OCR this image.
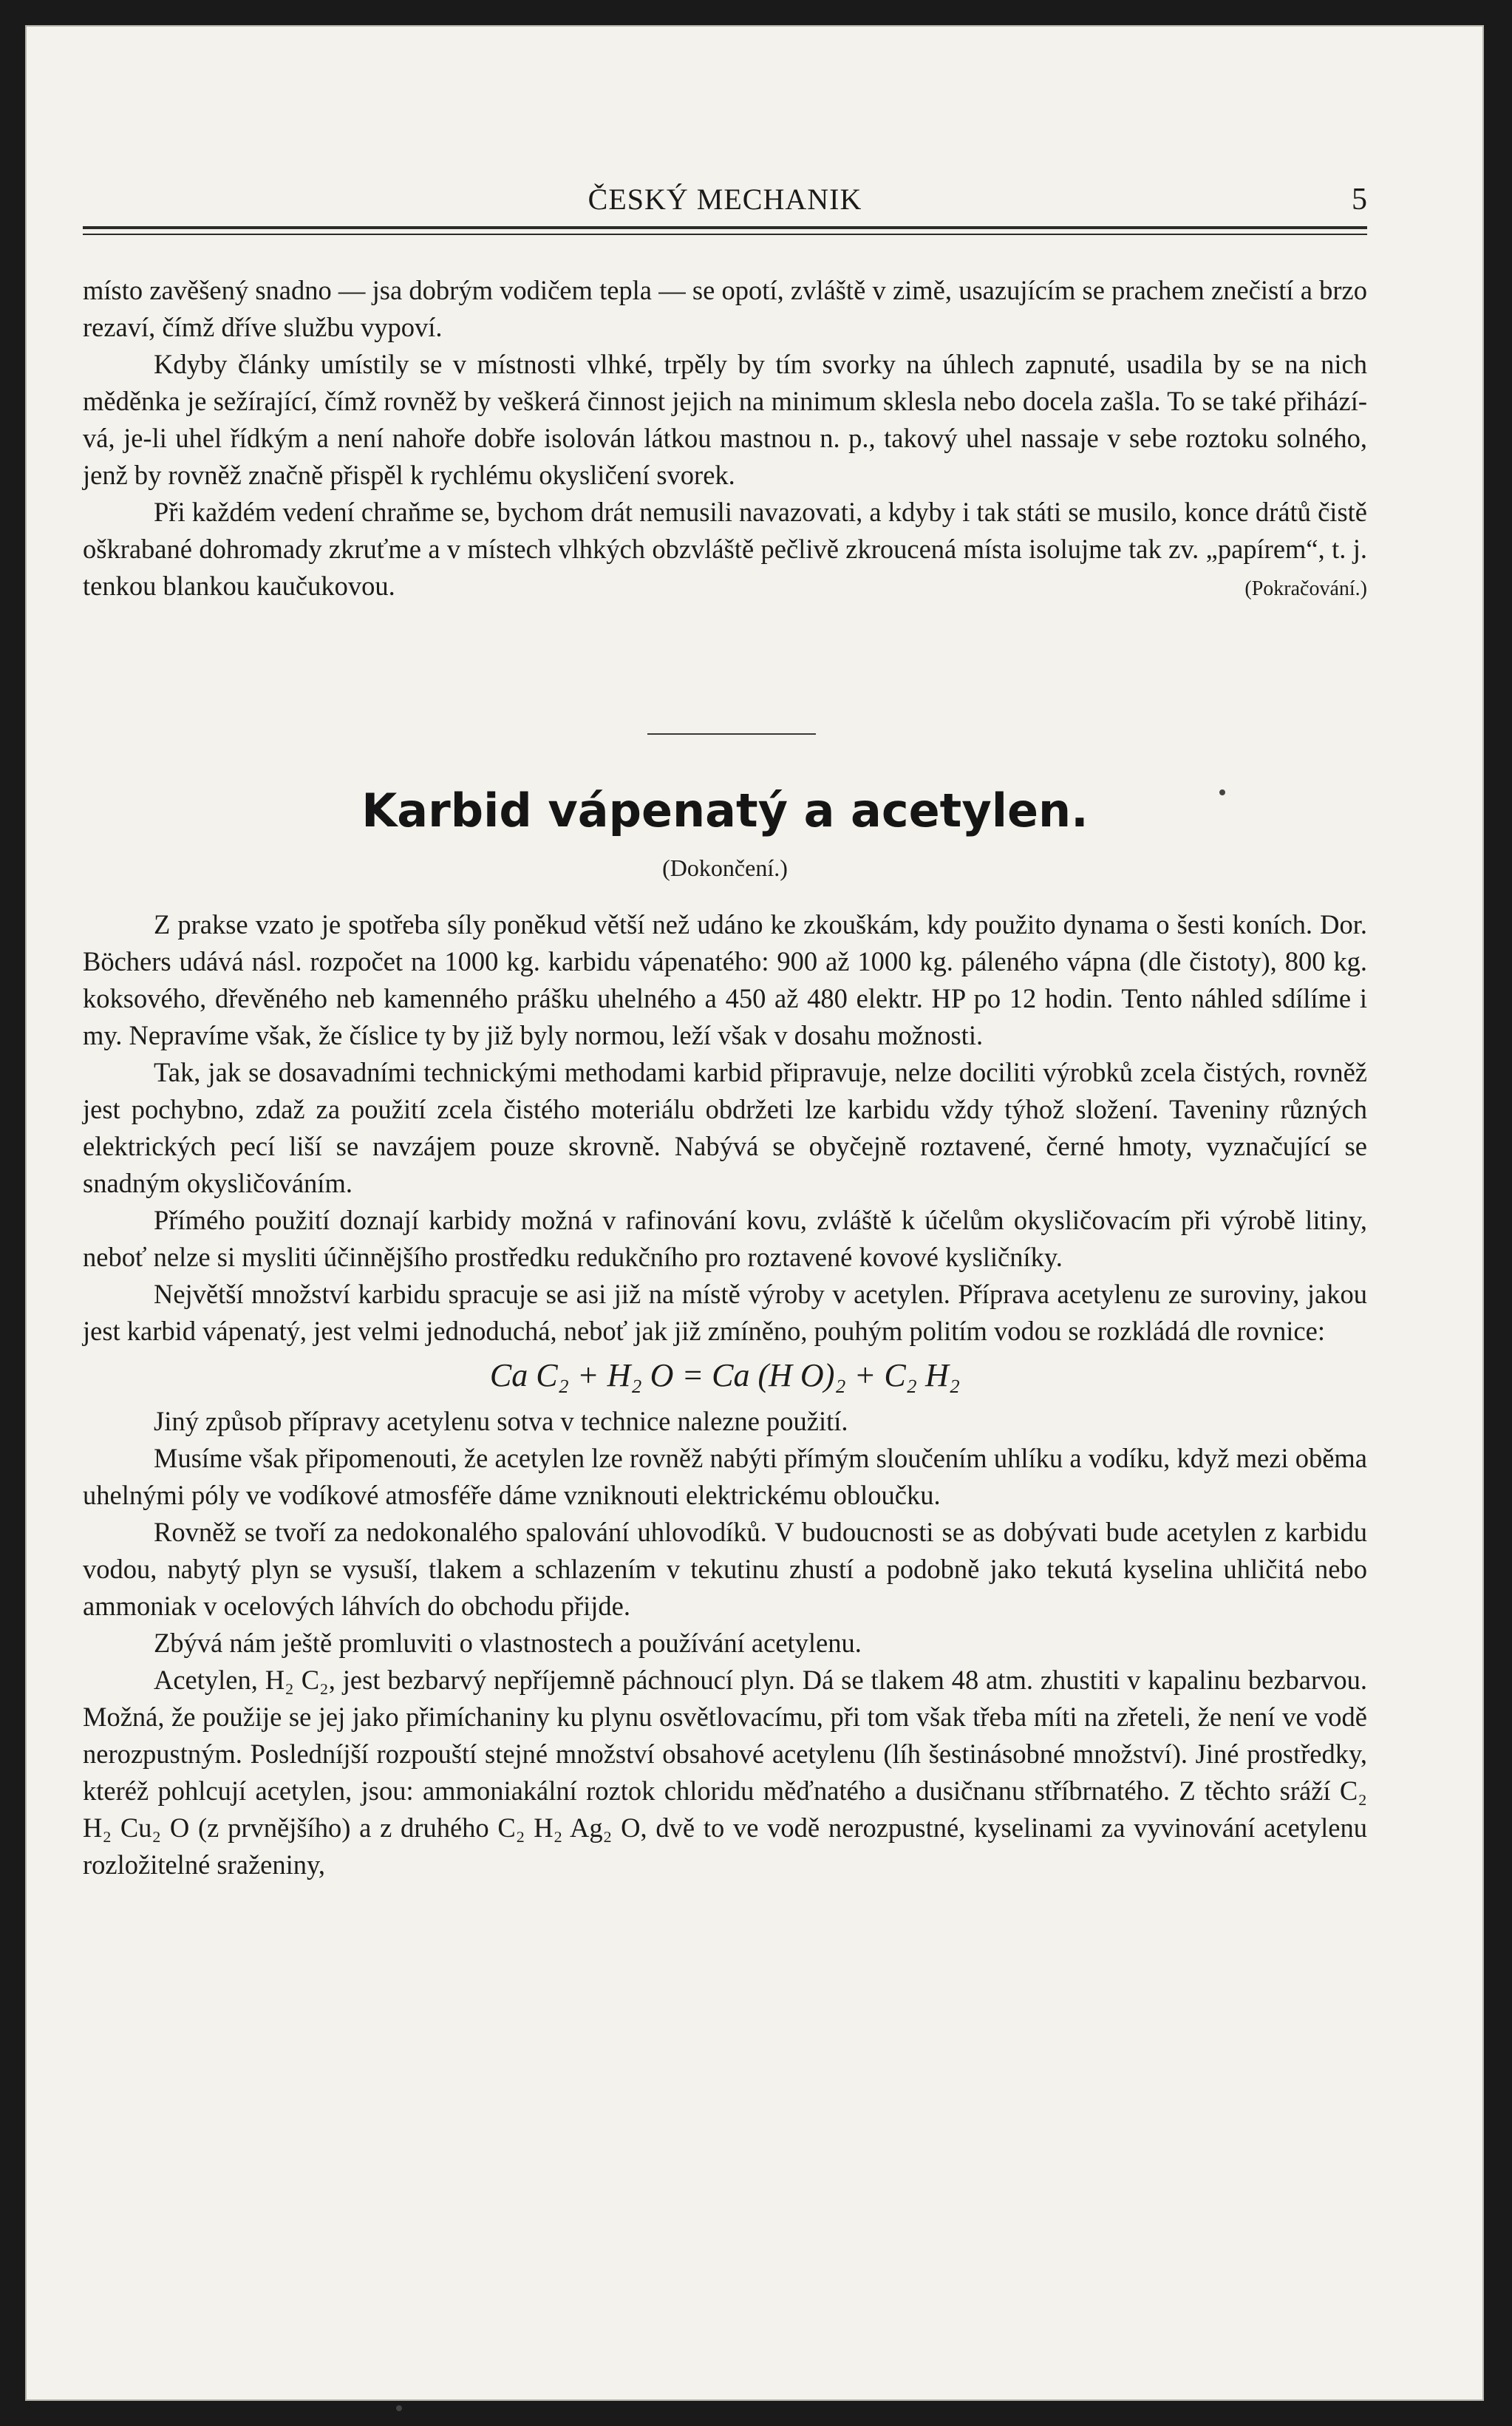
ČESKÝ MECHANIK	5

místo zavěšený snadno — jsa dobrým vodičem tepla — se opotí, zvláště v zimě, usazujícím se prachem znečistí a brzo rezaví, čímž dříve službu vypoví.

Kdyby články umístily se v místnosti vlhké, trpěly by tím svorky na úhlech zapnuté, usadila by se na nich měděnka je sežírající, čímž rovněž by veškerá činnost jejich na minimum sklesla nebo docela zašla. To se také přiházívá, je-li uhel řídkým a není nahoře dobře isolován látkou mastnou n. p., takový uhel nassaje v sebe roztoku solného, jenž by rovněž značně přispěl k rychlému okysličení svorek.

Při každém vedení chraňme se, bychom drát nemusili navazovati, a kdyby i tak státi se musilo, konce drátů čistě oškrabané dohromady zkruťme a v místech vlhkých obzvláště pečlivě zkroucená místa isolujme tak zv. „papírem“, t. j. tenkou blankou kaučukovou.	(Pokračování.)
Karbid vápenatý a acetylen.
(Dokončení.)

Z prakse vzato je spotřeba síly poněkud větší než udáno ke zkouškám, kdy použito dynama o šesti koních. Dor. Böchers udává násl. rozpočet na 1000 kg. karbidu vápenatého: 900 až 1000 kg. páleného vápna (dle čistoty), 800 kg. koksového, dřevěného neb kamenného prášku uhelného a 450 až 480 elektr. HP po 12 hodin. Tento náhled sdílíme i my. Nepravíme však, že číslice ty by již byly normou, leží však v dosahu možnosti.

Tak, jak se dosavadními technickými methodami karbid připravuje, nelze dociliti výrobků zcela čistých, rovněž jest pochybno, zdaž za použití zcela čistého moteriálu obdržeti lze karbidu vždy týhož složení. Taveniny různých elektrických pecí liší se navzájem pouze skrovně. Nabývá se obyčejně roztavené, černé hmoty, vyznačující se snadným okysličováním.

Přímého použití doznají karbidy možná v rafinování kovu, zvláště k účelům okysličovacím při výrobě litiny, neboť nelze si mysliti účinnějšího prostředku redukčního pro roztavené kovové kysličníky.

Největší množství karbidu spracuje se asi již na místě výroby v acetylen. Příprava acetylenu ze suroviny, jakou jest karbid vápenatý, jest velmi jednoduchá, neboť jak již zmíněno, pouhým politím vodou se rozkládá dle rovnice:

Ca C₂ + H₂ O = Ca (H O)₂ + C₂ H₂

Jiný způsob přípravy acetylenu sotva v technice nalezne použití.

Musíme však připomenouti, že acetylen lze rovněž nabýti přímým sloučením uhlíku a vodíku, když mezi oběma uhelnými póly ve vodíkové atmosféře dáme vzniknouti elektrickému obloučku.

Rovněž se tvoří za nedokonalého spalování uhlovodíků. V budoucnosti se as dobývati bude acetylen z karbidu vodou, nabytý plyn se vysuší, tlakem a schlazením v tekutinu zhustí a podobně jako tekutá kyselina uhličitá nebo ammoniak v ocelových láhvích do obchodu přijde.

Zbývá nám ještě promluviti o vlastnostech a používání acetylenu.

Acetylen, H₂ C₂, jest bezbarvý nepříjemně páchnoucí plyn. Dá se tlakem 48 atm. zhustiti v kapalinu bezbarvou. Možná, že použije se jej jako přimíchaniny ku plynu osvětlovacímu, při tom však třeba míti na zřeteli, že není ve vodě nerozpustným. Posledníjší rozpouští stejné množství obsahové acetylenu (líh šestinásobné množství). Jiné prostředky, kteréž pohlcují acetylen, jsou: ammoniakální roztok chloridu měďnatého a dusičnanu stříbrnatého. Z těchto sráží C₂ H₂ Cu₂ O (z prvnějšího) a z druhého C₂ H₂ Ag₂ O, dvě to ve vodě nerozpustné, kyselinami za vyvinování acetylenu rozložitelné sraženiny,
